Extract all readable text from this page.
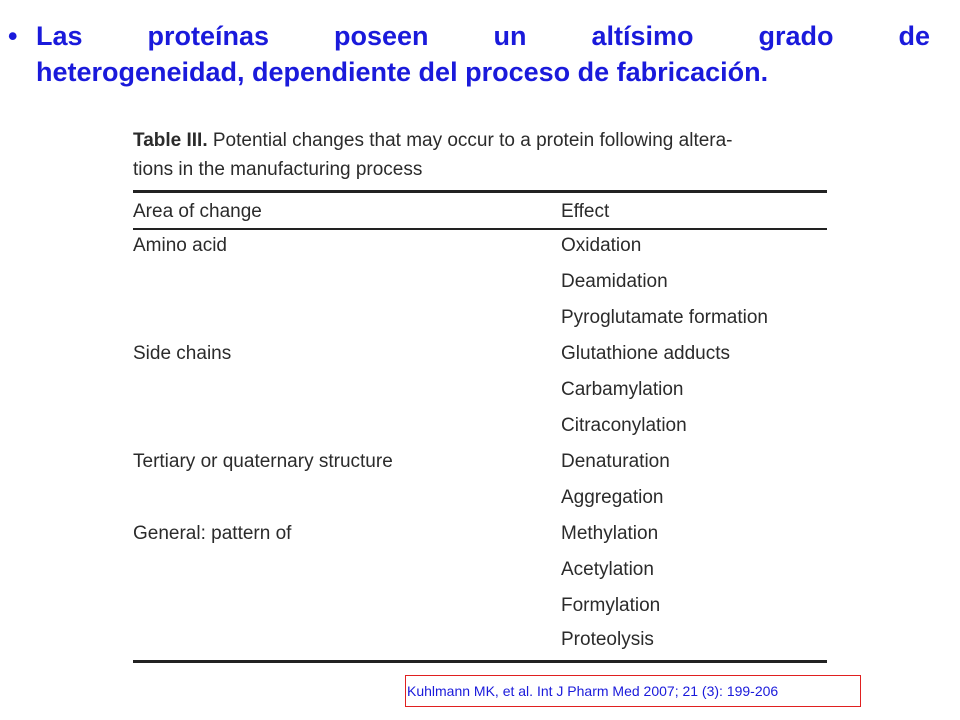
• Las proteínas poseen un altísimo grado de
heterogeneidad, dependiente del proceso de fabricación.
Table III. Potential changes that may occur to a protein following altera-
tions in the manufacturing process
Area of change	Effect
Amino acid
Side chains
Tertiary or quaternary structure
General: pattern of
Oxidation
Deamidation
Pyroglutamate formation
Glutathione adducts
Carbamylation
Citraconylation
Denaturation
Aggregation
Methylation
Acetylation
Formylation
Proteolysis
Kuhlmann MK, et al. Int J Pharm Med 2007; 21 (3): 199-206
